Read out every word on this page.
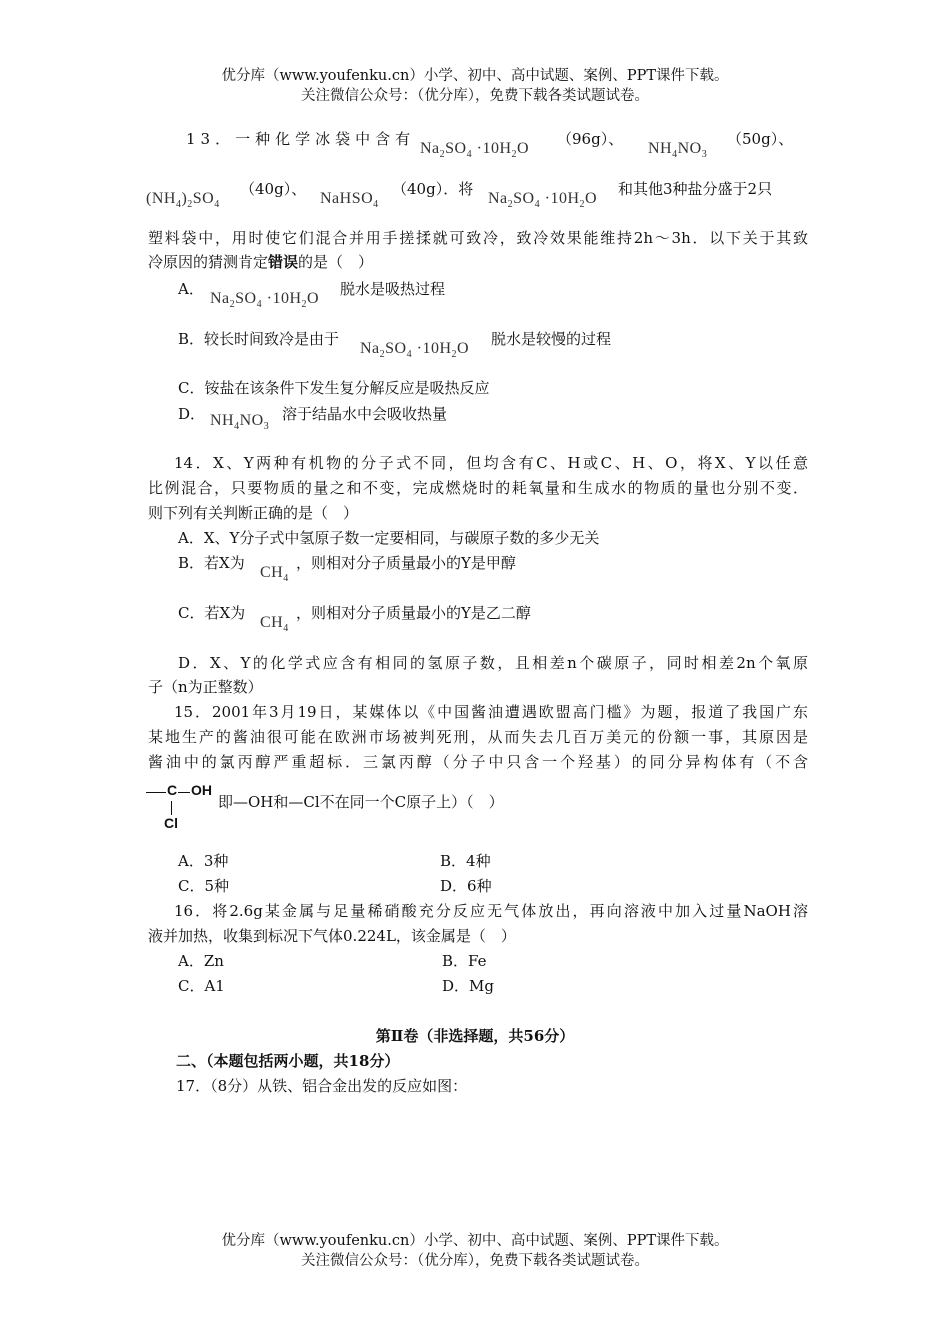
优分库（www.youfenku.cn）小学、初中、高中试题、案例、PPT课件下载。
关注微信公众号：（优分库），免费下载各类试题试卷。
13．一种化学冰袋中含有
$Na_2SO_4 \cdot 10H_2O$
（96g）、
$NH_4NO_3$
（50g）、
$(NH_4)_2SO_4$
（40g）、
NaHSO$_4$
（40g）．将
$Na_2SO_4 \cdot 10H_2O$
和其他3种盐分盛于2只
塑料袋中，用时使它们混合并用手搓揉就可致冷，致冷效果能维持2h～3h．以下关于其致
冷原因的猜测肯定错误的是（　）
A．
$Na_2SO_4 \cdot 10H_2O$
脱水是吸热过程
B．较长时间致冷是由于
$Na_2SO_4 \cdot 10H_2O$
脱水是较慢的过程
C．铵盐在该条件下发生复分解反应是吸热反应
D． $NH_4NO_3$
溶于结晶水中会吸收热量
14．X、Y两种有机物的分子式不同，但均含有C、H或C、H、O，将X、Y以任意
比例混合，只要物质的量之和不变，完成燃烧时的耗氧量和生成水的物质的量也分别不变．
则下列有关判断正确的是（　）
A．X、Y分子式中氢原子数一定要相同，与碳原子数的多少无关
B．若X为
$CH_4$
，则相对分子质量最小的Y是甲醇
C．若X为
$CH_4$
，则相对分子质量最小的Y是乙二醇
D．X、Y的化学式应含有相同的氢原子数，且相差n个碳原子，同时相差2n个氧原
子（n为正整数）
15．2001年3月19日，某媒体以《中国酱油遭遇欧盟高门槛》为题，报道了我国广东
某地生产的酱油很可能在欧洲市场被判死刑，从而失去几百万美元的份额一事，其原因是
酱油中的氯丙醇严重超标．三氯丙醇（分子中只含一个羟基）的同分异构体有（不含
C OH
Cl
即—OH和—Cl不在同一个C原子上）（　）
A．3种	B．4种
C．5种	D．6种
16．将2.6g某金属与足量稀硝酸充分反应无气体放出，再向溶液中加入过量NaOH溶
液并加热，收集到标况下气体0.224L，该金属是（　）
A．Zn	B．Fe
C．A1	D．Mg
第Ⅱ卷（非选择题，共56分）
二、（本题包括两小题，共18分）
17．（8分）从铁、铝合金出发的反应如图：
优分库（www.youfenku.cn）小学、初中、高中试题、案例、PPT课件下载。
关注微信公众号：（优分库），免费下载各类试题试卷。
